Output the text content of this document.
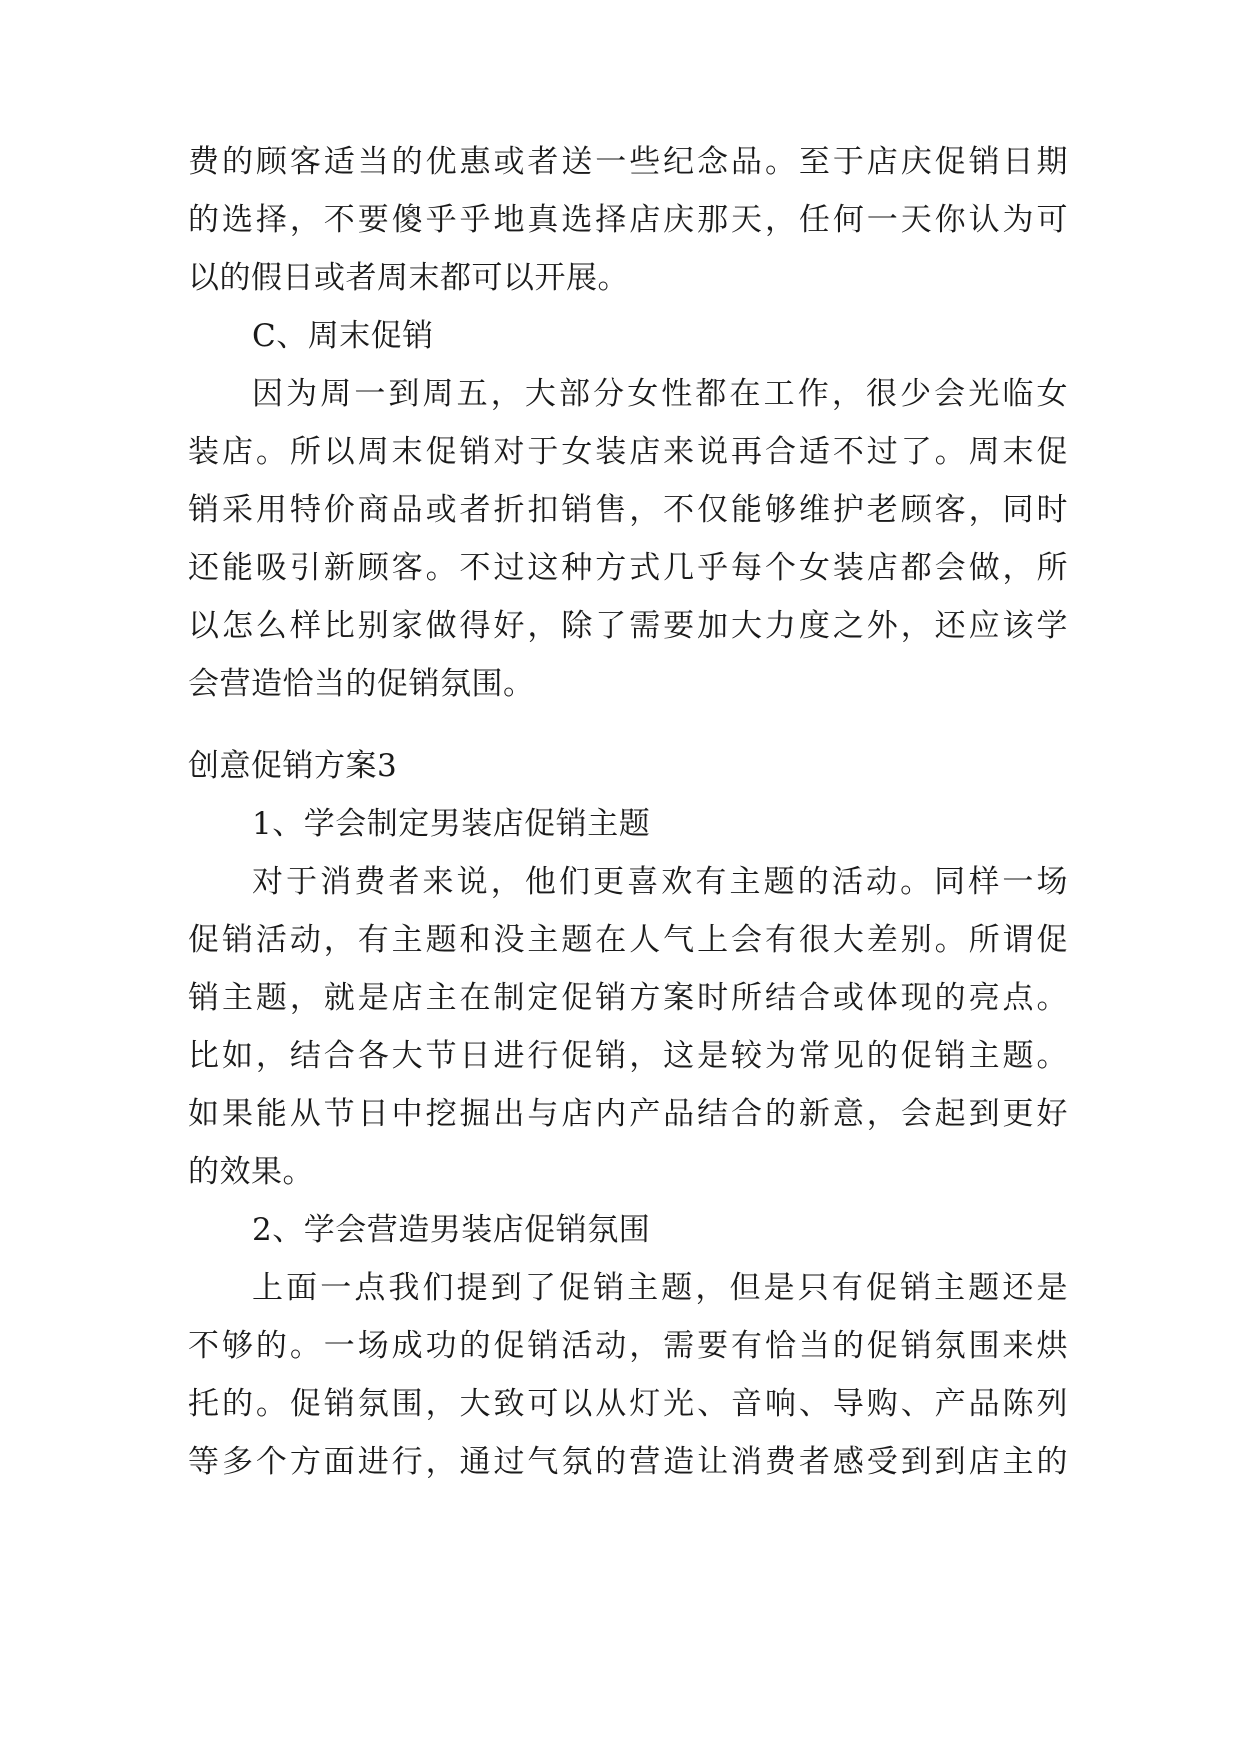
费的顾客适当的优惠或者送一些纪念品。至于店庆促销日期
的选择，不要傻乎乎地真选择店庆那天，任何一天你认为可
以的假日或者周末都可以开展。
C、周末促销
因为周一到周五，大部分女性都在工作，很少会光临女
装店。所以周末促销对于女装店来说再合适不过了。周末促
销采用特价商品或者折扣销售，不仅能够维护老顾客，同时
还能吸引新顾客。不过这种方式几乎每个女装店都会做，所
以怎么样比别家做得好，除了需要加大力度之外，还应该学
会营造恰当的促销氛围。
创意促销方案3
1、学会制定男装店促销主题
对于消费者来说，他们更喜欢有主题的活动。同样一场
促销活动，有主题和没主题在人气上会有很大差别。所谓促
销主题，就是店主在制定促销方案时所结合或体现的亮点。
比如，结合各大节日进行促销，这是较为常见的促销主题。
如果能从节日中挖掘出与店内产品结合的新意，会起到更好
的效果。
2、学会营造男装店促销氛围
上面一点我们提到了促销主题，但是只有促销主题还是
不够的。一场成功的促销活动，需要有恰当的促销氛围来烘
托的。促销氛围，大致可以从灯光、音响、导购、产品陈列
等多个方面进行，通过气氛的营造让消费者感受到到店主的
